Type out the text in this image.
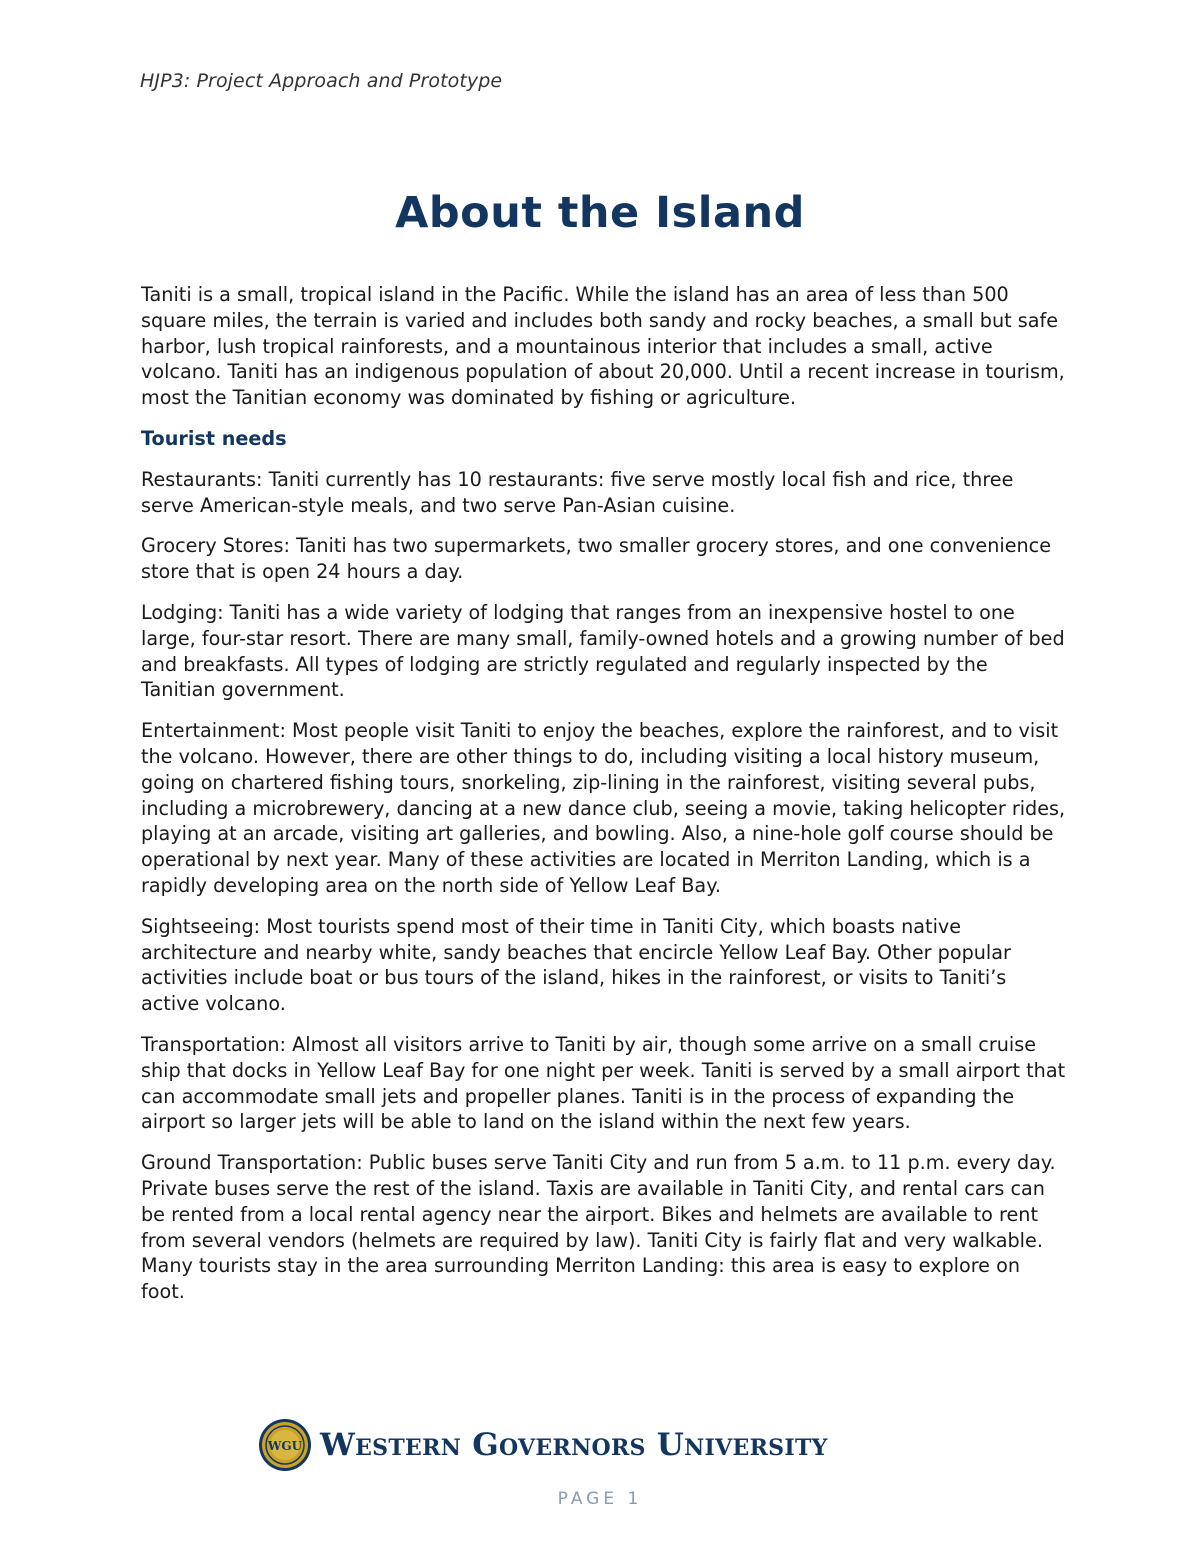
HJP3: Project Approach and Prototype
About the Island

Taniti is a small, tropical island in the Pacific. While the island has an area of less than 500 square miles, the terrain is varied and includes both sandy and rocky beaches, a small but safe harbor, lush tropical rainforests, and a mountainous interior that includes a small, active volcano. Taniti has an indigenous population of about 20,000. Until a recent increase in tourism, most the Tanitian economy was dominated by fishing or agriculture.

Tourist needs

Restaurants: Taniti currently has 10 restaurants: five serve mostly local fish and rice, three serve American-style meals, and two serve Pan-Asian cuisine.

Grocery Stores: Taniti has two supermarkets, two smaller grocery stores, and one convenience store that is open 24 hours a day.

Lodging: Taniti has a wide variety of lodging that ranges from an inexpensive hostel to one large, four-star resort. There are many small, family-owned hotels and a growing number of bed and breakfasts. All types of lodging are strictly regulated and regularly inspected by the Tanitian government.

Entertainment: Most people visit Taniti to enjoy the beaches, explore the rainforest, and to visit the volcano. However, there are other things to do, including visiting a local history museum, going on chartered fishing tours, snorkeling, zip-lining in the rainforest, visiting several pubs, including a microbrewery, dancing at a new dance club, seeing a movie, taking helicopter rides, playing at an arcade, visiting art galleries, and bowling. Also, a nine-hole golf course should be operational by next year. Many of these activities are located in Merriton Landing, which is a rapidly developing area on the north side of Yellow Leaf Bay.

Sightseeing: Most tourists spend most of their time in Taniti City, which boasts native architecture and nearby white, sandy beaches that encircle Yellow Leaf Bay. Other popular activities include boat or bus tours of the island, hikes in the rainforest, or visits to Taniti’s active volcano.

Transportation: Almost all visitors arrive to Taniti by air, though some arrive on a small cruise ship that docks in Yellow Leaf Bay for one night per week. Taniti is served by a small airport that can accommodate small jets and propeller planes. Taniti is in the process of expanding the airport so larger jets will be able to land on the island within the next few years.

Ground Transportation: Public buses serve Taniti City and run from 5 a.m. to 11 p.m. every day. Private buses serve the rest of the island. Taxis are available in Taniti City, and rental cars can be rented from a local rental agency near the airport. Bikes and helmets are available to rent from several vendors (helmets are required by law). Taniti City is fairly flat and very walkable. Many tourists stay in the area surrounding Merriton Landing: this area is easy to explore on foot.

WGU Western Governors University
PAGE 1
